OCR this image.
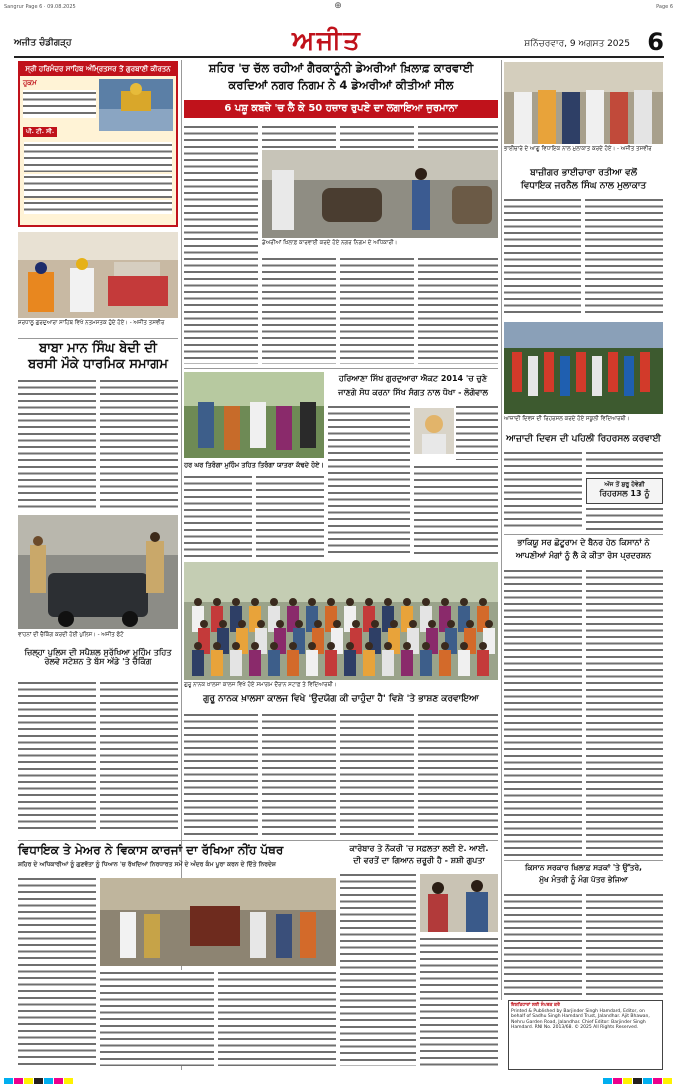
Sangrur Page 6 · 09.08.2025	Page 6
⊕
ਅਜੀਤ ਚੰਡੀਗੜ੍ਹ	ਅਜੀਤ	ਸ਼ਨਿੱਚਰਵਾਰ, 9 ਅਗਸਤ 2025 6
ਸ੍ਰੀ ਹਰਿਮੰਦਰ ਸਾਹਿਬ ਅੰਮ੍ਰਿਤਸਰ ਤੋਂ ਗੁਰਬਾਣੀ ਕੀਰਤਨ
ਹੁਕਮ
ਪੀ. ਟੀ. ਸੀ.
ਸ਼ਰਧਾਲੂ ਗੁਰਦੁਆਰਾ ਸਾਹਿਬ ਵਿਖੇ ਨਤਮਸਤਕ ਹੁੰਦੇ ਹੋਏ। - ਅਜੀਤ ਤਸਵੀਰ
ਬਾਬਾ ਮਾਨ ਸਿੰਘ ਬੇਦੀ ਦੀ
ਬਰਸੀ ਮੌਕੇ ਧਾਰਮਿਕ ਸਮਾਗਮ
ਵਾਹਨਾਂ ਦੀ ਚੈਕਿੰਗ ਕਰਦੀ ਹੋਈ ਪੁਲਿਸ। - ਅਜੀਤ ਫੋਟੋ
ਜ਼ਿਲ੍ਹਾ ਪੁਲਿਸ ਦੀ ਸਪੈਸ਼ਲ ਸੁਰੱਖਿਆ ਮੁਹਿੰਮ ਤਹਿਤ ਰੇਲਵੇ ਸਟੇਸ਼ਨ ਤੇ ਬੱਸ ਅੱਡੇ 'ਤੇ ਚੈਕਿੰਗ
ਸ਼ਹਿਰ 'ਚ ਚੱਲ ਰਹੀਆਂ ਗੈਰਕਾਨੂੰਨੀ ਡੇਅਰੀਆਂ ਖ਼ਿਲਾਫ਼ ਕਾਰਵਾਈ
ਕਰਦਿਆਂ ਨਗਰ ਨਿਗਮ ਨੇ 4 ਡੇਅਰੀਆਂ ਕੀਤੀਆਂ ਸੀਲ
6 ਪਸ਼ੂ ਕਬਜ਼ੇ 'ਚ ਲੈ ਕੇ 50 ਹਜ਼ਾਰ ਰੁਪਏ ਦਾ ਲਗਾਇਆ ਜੁਰਮਾਨਾ
ਡੇਅਰੀਆਂ ਖ਼ਿਲਾਫ਼ ਕਾਰਵਾਈ ਕਰਦੇ ਹੋਏ ਨਗਰ ਨਿਗਮ ਦੇ ਅਧਿਕਾਰੀ।
ਹਰ ਘਰ ਤਿਰੰਗਾ ਮੁਹਿੰਮ ਤਹਿਤ ਤਿਰੰਗਾ ਯਾਤਰਾ ਕੱਢਦੇ ਹੋਏ।
ਹਰਿਆਣਾ ਸਿੱਖ ਗੁਰਦੁਆਰਾ ਐਕਟ 2014 'ਚ ਚੁਣੇ
ਜਾਣਗੇ ਸੋਧ ਕਰਨਾ ਸਿੱਖ ਸੰਗਤ ਨਾਲ ਧੋਖਾ - ਲੋਗੋਵਾਲ
ਗੁਰੂ ਨਾਨਕ ਖ਼ਾਲਸਾ ਕਾਲਜ ਵਿਖੇ ਹੋਏ ਸਮਾਗਮ ਦੌਰਾਨ ਸਟਾਫ਼ ਤੇ ਵਿਦਿਆਰਥੀ।
ਗੁਰੂ ਨਾਨਕ ਖ਼ਾਲਸਾ ਕਾਲਜ ਵਿਖੇ 'ਉਦਯੋਗ ਕੀ ਚਾਹੁੰਦਾ ਹੈ' ਵਿਸ਼ੇ 'ਤੇ ਭਾਸ਼ਣ ਕਰਵਾਇਆ
ਵਿਧਾਇਕ ਤੇ ਮੇਅਰ ਨੇ ਵਿਕਾਸ ਕਾਰਜਾਂ ਦਾ ਰੱਖਿਆ ਨੀਂਹ ਪੱਥਰ
ਸ਼ਹਿਰ ਦੇ ਅਧਿਕਾਰੀਆਂ ਨੂੰ ਗੁਣਵੱਤਾ ਨੂੰ ਧਿਆਨ 'ਚ ਰੱਖਦਿਆਂ ਨਿਰਧਾਰਤ ਸਮੇਂ ਦੇ ਅੰਦਰ ਕੰਮ ਪੂਰਾ ਕਰਨ ਦੇ ਦਿੱਤੇ ਨਿਰਦੇਸ਼
ਕਾਰੋਬਾਰ ਤੇ ਨੌਕਰੀ 'ਚ ਸਫ਼ਲਤਾ ਲਈ ਏ. ਆਈ.
ਦੀ ਵਰਤੋਂ ਦਾ ਗਿਆਨ ਜ਼ਰੂਰੀ ਹੈ - ਸ਼ਸ਼ੀ ਗੁਪਤਾ
ਭਾਈਚਾਰੇ ਦੇ ਆਗੂ ਵਿਧਾਇਕ ਨਾਲ ਮੁਲਾਕਾਤ ਕਰਦੇ ਹੋਏ। - ਅਜੀਤ ਤਸਵੀਰ
ਬਾਜ਼ੀਗਰ ਭਾਈਚਾਰਾ ਰਤੀਆ ਵਲੋਂ
ਵਿਧਾਇਕ ਜਰਨੈਲ ਸਿੰਘ ਨਾਲ ਮੁਲਾਕਾਤ
ਆਜ਼ਾਦੀ ਦਿਵਸ ਦੀ ਰਿਹਰਸਲ ਕਰਦੇ ਹੋਏ ਸਕੂਲੀ ਵਿਦਿਆਰਥੀ।
ਆਜ਼ਾਦੀ ਦਿਵਸ ਦੀ ਪਹਿਲੀ ਰਿਹਰਸਲ ਕਰਵਾਈ
ਅੱਜ ਤੋਂ ਸ਼ੁਰੂ ਹੋਵੇਗੀ
ਰਿਹਰਸਲ 13 ਨੂੰ
ਭਾਕਿਯੂ ਸਰ ਛੋਟੂਰਾਮ ਦੇ ਬੈਨਰ ਹੇਠ ਕਿਸਾਨਾਂ ਨੇ
ਆਪਣੀਆਂ ਮੰਗਾਂ ਨੂੰ ਲੈ ਕੇ ਕੀਤਾ ਰੋਸ ਪ੍ਰਦਰਸ਼ਨ
ਕਿਸਾਨ ਸਰਕਾਰ ਖ਼ਿਲਾਫ਼ ਸੜਕਾਂ 'ਤੇ ਉੱਤਰੇ,
ਮੁੱਖ ਮੰਤਰੀ ਨੂੰ ਮੰਗ ਪੱਤਰ ਭੇਜਿਆ
ਇਸ਼ਤਿਹਾਰਾਂ ਲਈ ਸੰਪਰਕ ਕਰੋ
Printed & Published by Barjinder Singh Hamdard, Editor, on behalf of Sadhu Singh Hamdard Trust, Jalandhar. Ajit Bhawan, Nehru Garden Road, Jalandhar. Chief Editor: Barjinder Singh Hamdard. RNI No. 2013/68. © 2025 All Rights Reserved.
